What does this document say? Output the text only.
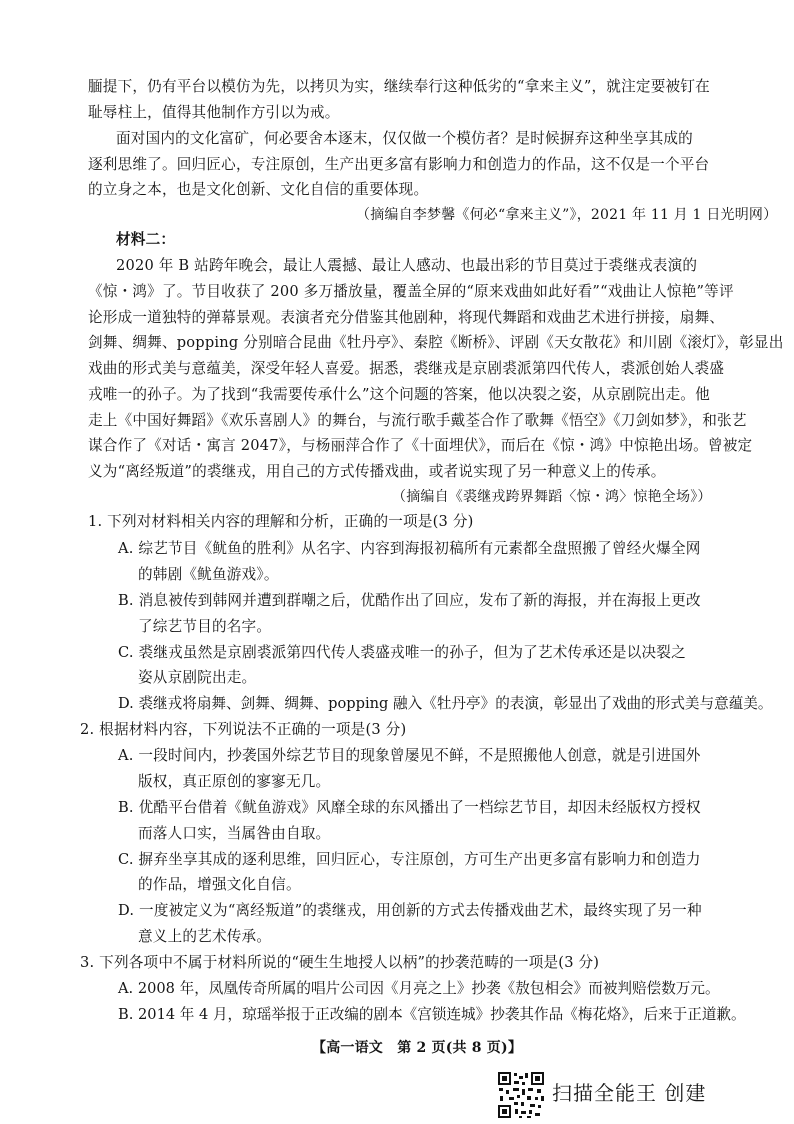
腼提下，仍有平台以模仿为先，以拷贝为实，继续奉行这种低劣的“拿来主义”，就注定要被钉在
耻辱柱上，值得其他制作方引以为戒。
面对国内的文化富矿，何必要舍本逐末，仅仅做一个模仿者？是时候摒弃这种坐享其成的
逐利思维了。回归匠心，专注原创，生产出更多富有影响力和创造力的作品，这不仅是一个平台
的立身之本，也是文化创新、文化自信的重要体现。
（摘编自李梦馨《何必“拿来主义”》，2021 年 11 月 1 日光明网）
材料二：
2020 年 B 站跨年晚会，最让人震撼、最让人感动、也最出彩的节目莫过于裘继戎表演的
《惊・鸿》了。节目收获了 200 多万播放量，覆盖全屏的“原来戏曲如此好看”“戏曲让人惊艳”等评
论形成一道独特的弹幕景观。表演者充分借鉴其他剧种，将现代舞蹈和戏曲艺术进行拼接，扇舞、
剑舞、绸舞、popping 分别暗合昆曲《牡丹亭》、秦腔《断桥》、评剧《天女散花》和川剧《滚灯》，彰显出
戏曲的形式美与意蕴美，深受年轻人喜爱。据悉，裘继戎是京剧裘派第四代传人，裘派创始人裘盛
戎唯一的孙子。为了找到“我需要传承什么”这个问题的答案，他以决裂之姿，从京剧院出走。他
走上《中国好舞蹈》《欢乐喜剧人》的舞台，与流行歌手戴荃合作了歌舞《悟空》《刀剑如梦》，和张艺
谋合作了《对话・寓言 2047》，与杨丽萍合作了《十面埋伏》，而后在《惊・鸿》中惊艳出场。曾被定
义为“离经叛道”的裘继戎，用自己的方式传播戏曲，或者说实现了另一种意义上的传承。
（摘编自《裘继戎跨界舞蹈〈惊・鸿〉惊艳全场》）
1. 下列对材料相关内容的理解和分析，正确的一项是(3 分)
A. 综艺节目《鱿鱼的胜利》从名字、内容到海报初稿所有元素都全盘照搬了曾经火爆全网
的韩剧《鱿鱼游戏》。
B. 消息被传到韩网并遭到群嘲之后，优酷作出了回应，发布了新的海报，并在海报上更改
了综艺节目的名字。
C. 裘继戎虽然是京剧裘派第四代传人裘盛戎唯一的孙子，但为了艺术传承还是以决裂之
姿从京剧院出走。
D. 裘继戎将扇舞、剑舞、绸舞、popping 融入《牡丹亭》的表演，彰显出了戏曲的形式美与意蕴美。
2. 根据材料内容，下列说法不正确的一项是(3 分)
A. 一段时间内，抄袭国外综艺节目的现象曾屡见不鲜，不是照搬他人创意，就是引进国外
版权，真正原创的寥寥无几。
B. 优酷平台借着《鱿鱼游戏》风靡全球的东风播出了一档综艺节目，却因未经版权方授权
而落人口实，当属咎由自取。
C. 摒弃坐享其成的逐利思维，回归匠心，专注原创，方可生产出更多富有影响力和创造力
的作品，增强文化自信。
D. 一度被定义为“离经叛道”的裘继戎，用创新的方式去传播戏曲艺术，最终实现了另一种
意义上的艺术传承。
3. 下列各项中不属于材料所说的“硬生生地授人以柄”的抄袭范畴的一项是(3 分)
A. 2008 年，凤凰传奇所属的唱片公司因《月亮之上》抄袭《敖包相会》而被判赔偿数万元。
B. 2014 年 4 月，琼瑶举报于正改编的剧本《宫锁连城》抄袭其作品《梅花烙》，后来于正道歉。
【高一语文　第 2 页(共 8 页)】
扫描全能王 创建
